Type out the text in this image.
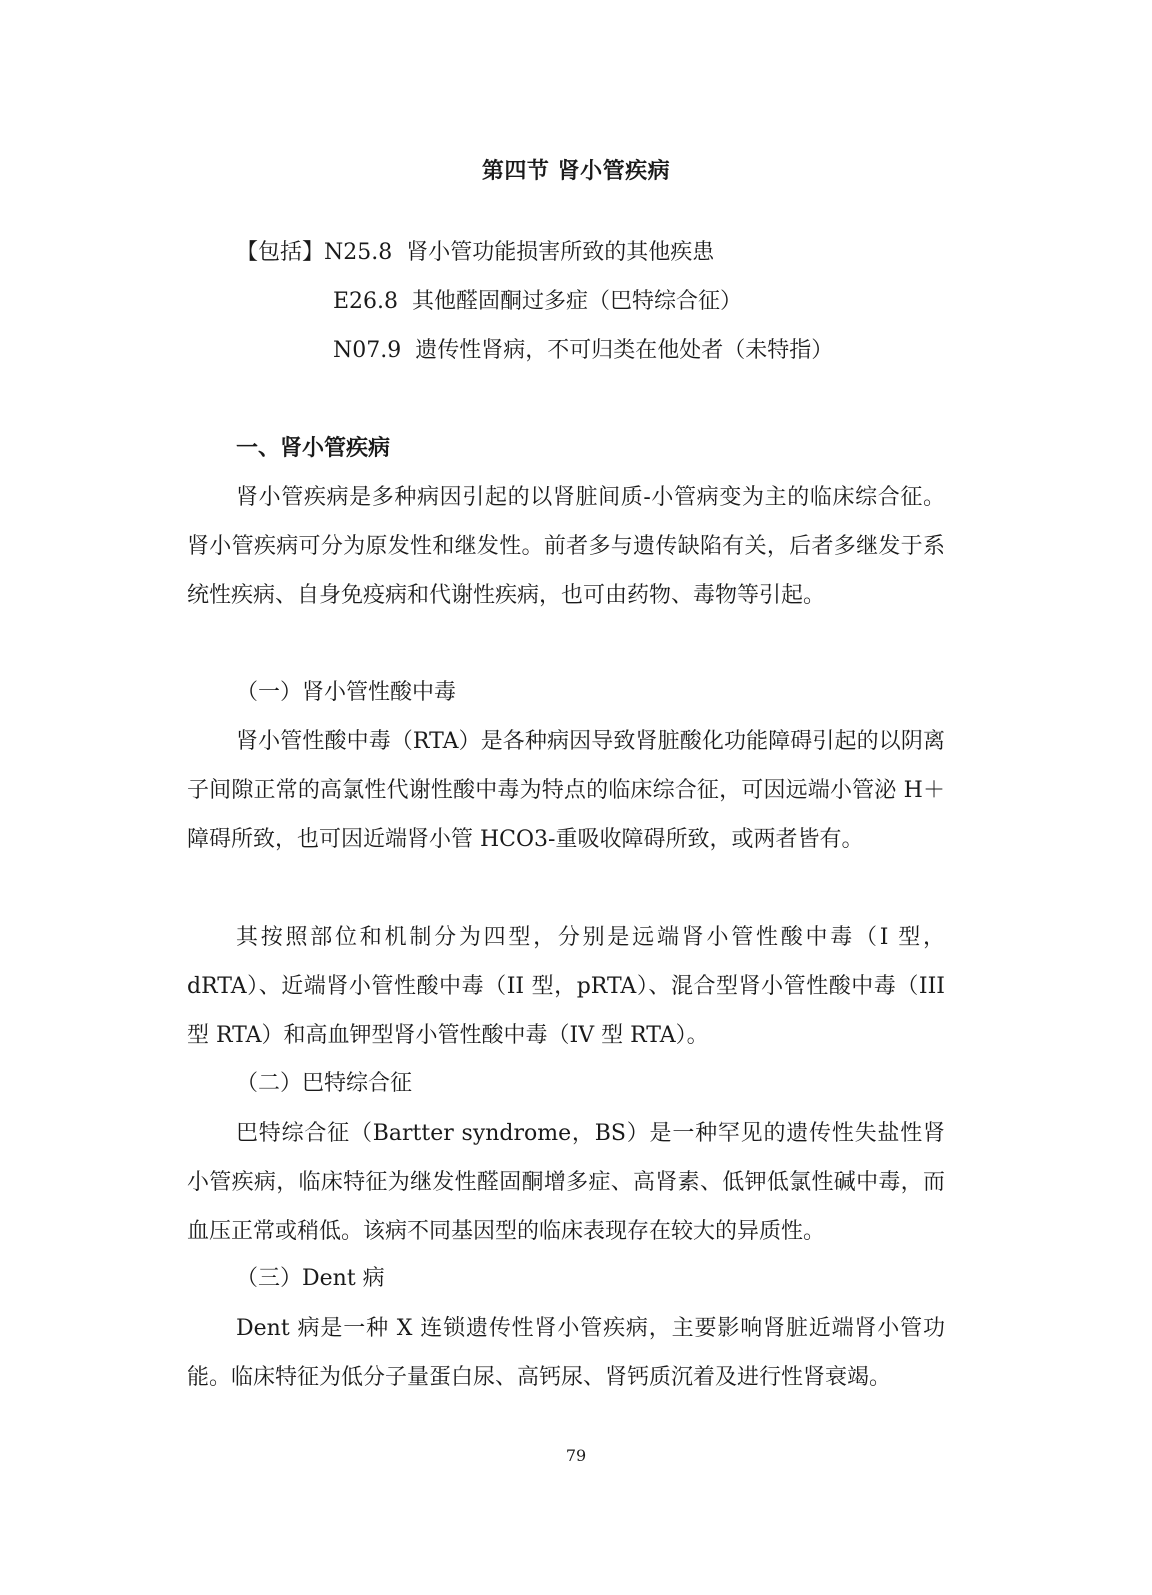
第四节 肾小管疾病
【包括】N25.8 肾小管功能损害所致的其他疾患
E26.8 其他醛固酮过多症（巴特综合征）
N07.9 遗传性肾病，不可归类在他处者（未特指）
一、肾小管疾病

肾小管疾病是多种病因引起的以肾脏间质-小管病变为主的临床综合征。肾小管疾病可分为原发性和继发性。前者多与遗传缺陷有关，后者多继发于系统性疾病、自身免疫病和代谢性疾病，也可由药物、毒物等引起。

（一）肾小管性酸中毒

肾小管性酸中毒（RTA）是各种病因导致肾脏酸化功能障碍引起的以阴离子间隙正常的高氯性代谢性酸中毒为特点的临床综合征，可因远端小管泌 H＋障碍所致，也可因近端肾小管 HCO3-重吸收障碍所致，或两者皆有。

其按照部位和机制分为四型，分别是远端肾小管性酸中毒（I 型，dRTA）、近端肾小管性酸中毒（II 型，pRTA）、混合型肾小管性酸中毒（III 型 RTA）和高血钾型肾小管性酸中毒（IV 型 RTA）。

（二）巴特综合征

巴特综合征（Bartter syndrome，BS）是一种罕见的遗传性失盐性肾小管疾病，临床特征为继发性醛固酮增多症、高肾素、低钾低氯性碱中毒，而血压正常或稍低。该病不同基因型的临床表现存在较大的异质性。

（三）Dent 病

Dent 病是一种 X 连锁遗传性肾小管疾病，主要影响肾脏近端肾小管功能。临床特征为低分子量蛋白尿、高钙尿、肾钙质沉着及进行性肾衰竭。

79
